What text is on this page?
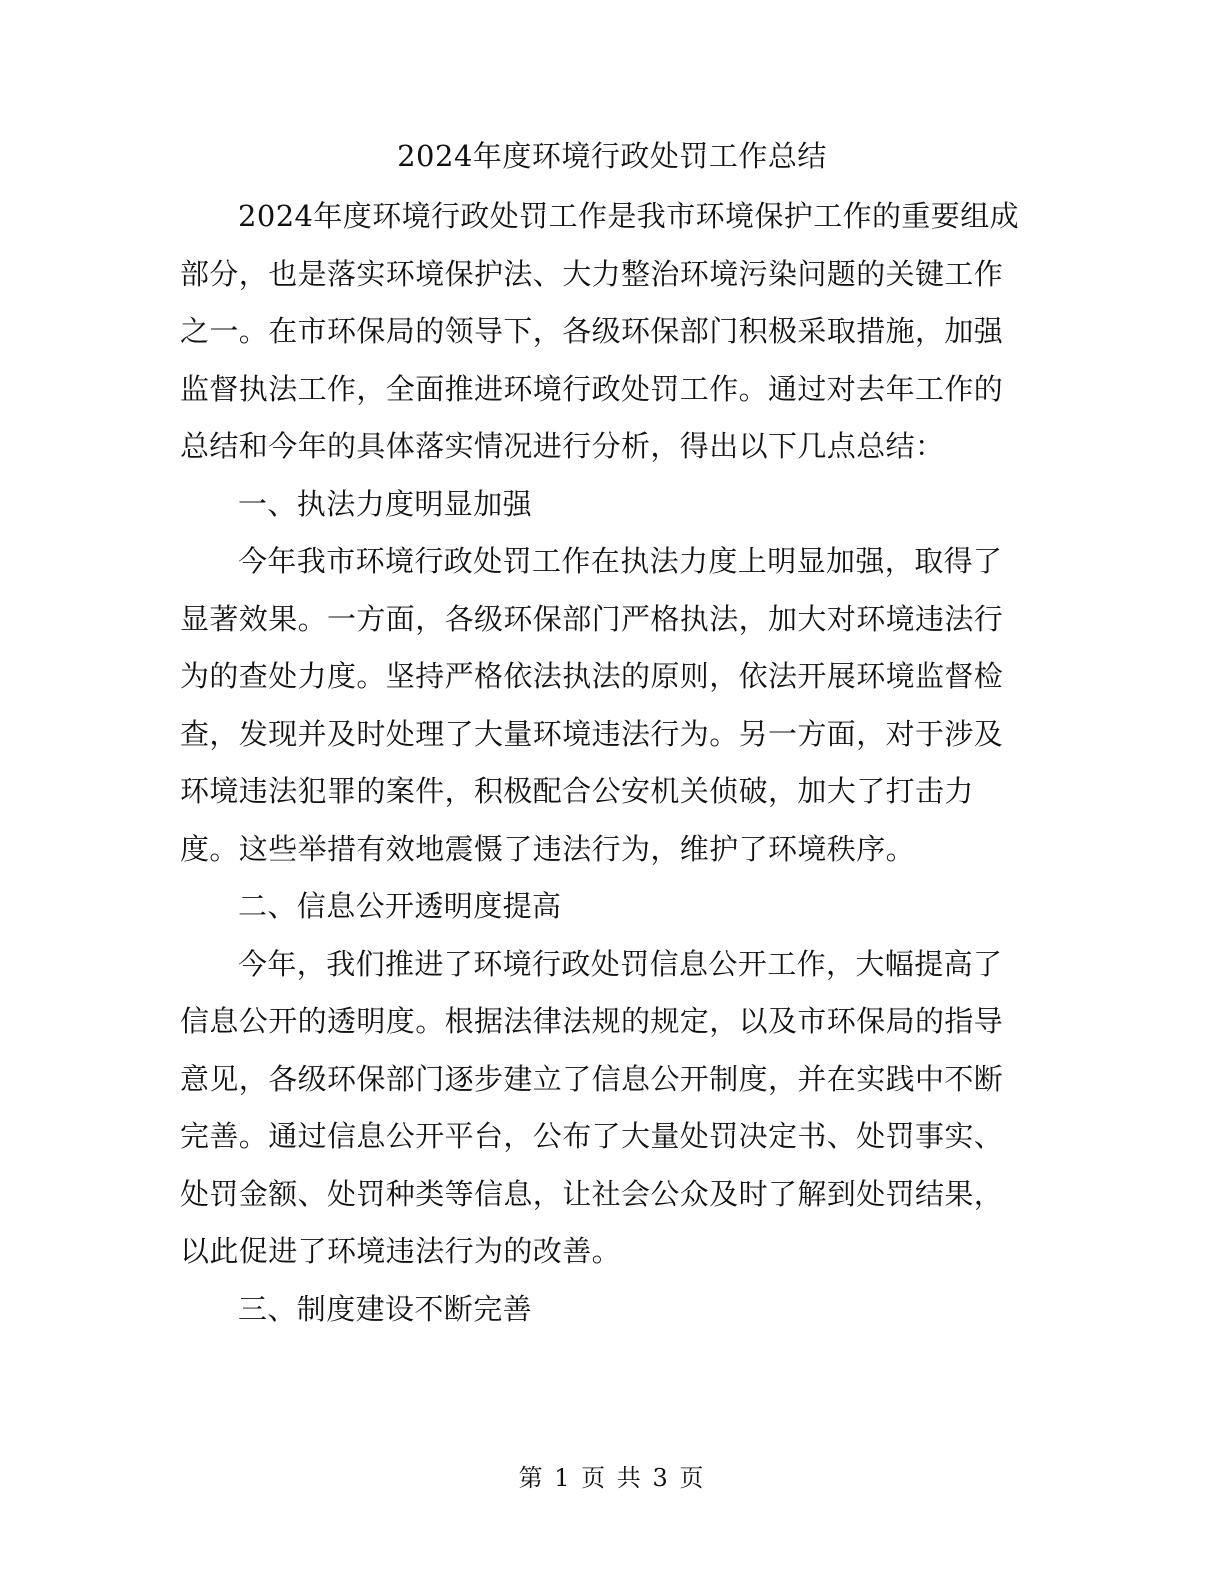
2024年度环境行政处罚工作总结

2024年度环境行政处罚工作是我市环境保护工作的重要组成部分，也是落实环境保护法、大力整治环境污染问题的关键工作之一。在市环保局的领导下，各级环保部门积极采取措施，加强监督执法工作，全面推进环境行政处罚工作。通过对去年工作的总结和今年的具体落实情况进行分析，得出以下几点总结：

一、执法力度明显加强

今年我市环境行政处罚工作在执法力度上明显加强，取得了显著效果。一方面，各级环保部门严格执法，加大对环境违法行为的查处力度。坚持严格依法执法的原则，依法开展环境监督检查，发现并及时处理了大量环境违法行为。另一方面，对于涉及环境违法犯罪的案件，积极配合公安机关侦破，加大了打击力度。这些举措有效地震慑了违法行为，维护了环境秩序。

二、信息公开透明度提高

今年，我们推进了环境行政处罚信息公开工作，大幅提高了信息公开的透明度。根据法律法规的规定，以及市环保局的指导意见，各级环保部门逐步建立了信息公开制度，并在实践中不断完善。通过信息公开平台，公布了大量处罚决定书、处罚事实、处罚金额、处罚种类等信息，让社会公众及时了解到处罚结果，以此促进了环境违法行为的改善。

三、制度建设不断完善

第 1 页 共 3 页
